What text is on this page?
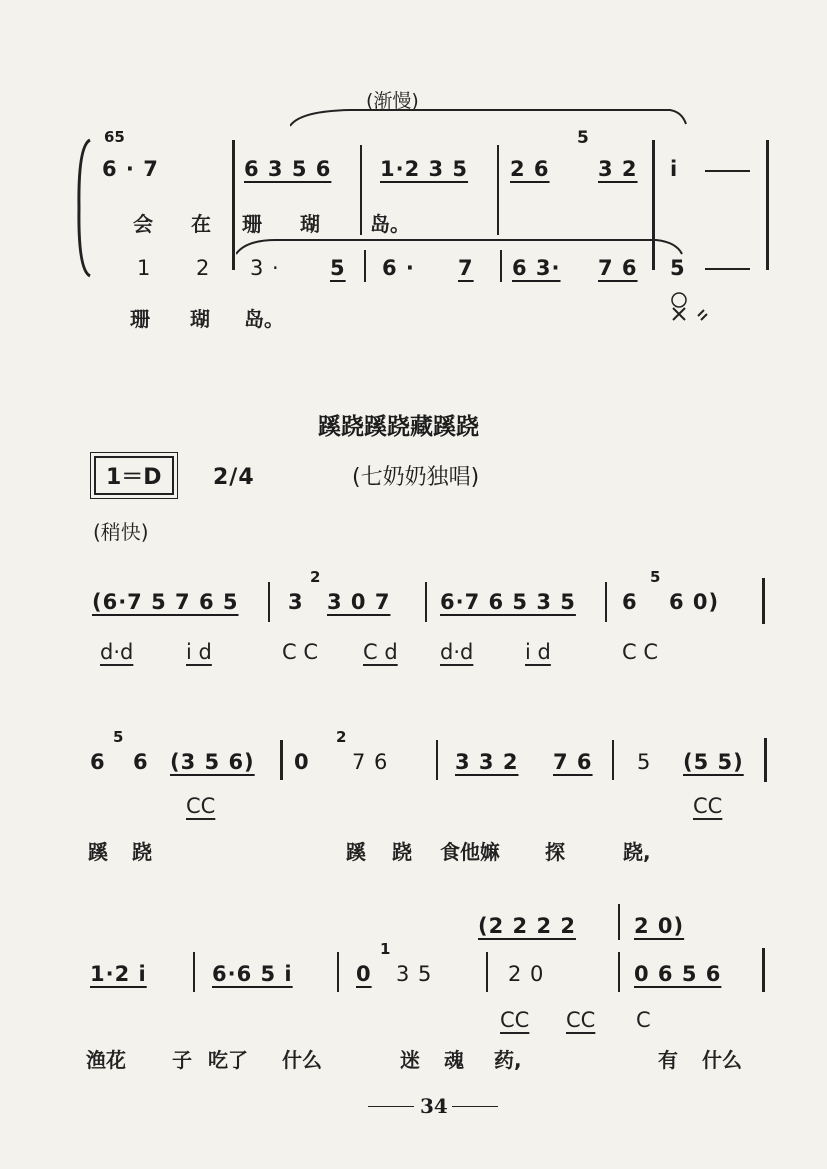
(渐慢)
65
6 · 7	6 3 5 6 1·2 3 5 2 6
5
3 2 i
会 在 珊 瑚	岛。
1 2 3 · 5 6 · 7 6 3· 7 6 5
珊 瑚 岛。
蹊跷蹊跷藏蹊跷
(七奶奶独唱)
1＝D	2/4
(稍快)
(6·7 5 7 6 5 3
2
3 0 7 6·7 6 5 3 5 6
5
6 0)
d·d	i d	C C C d d·d i d	C C
6
5
6 (3 5 6) 0
2
7 6	3 3 2 7 6 5 (5 5)
CC	CC
蹊 跷	蹊 跷 食他嫲 探	跷,
(2 2 2 2	2 0)
1·2 i	6·6 5 i	0
1
3 5	2 0	0 6 5 6
CC CC C
渔花 子 吃了 什么	迷 魂 药,	有 什么
34
